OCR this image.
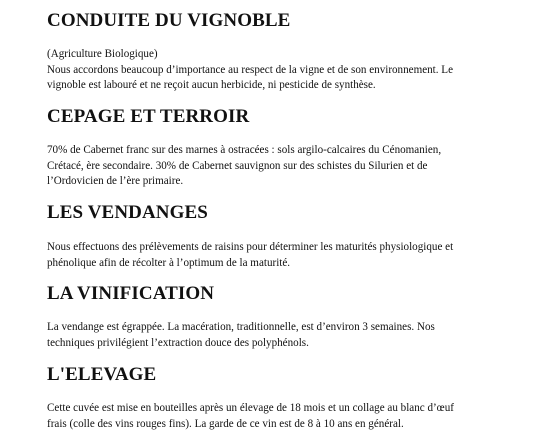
CONDUITE DU VIGNOBLE

(Agriculture Biologique)
Nous accordons beaucoup d’importance au respect de la vigne et de son environnement. Le
vignoble est labouré et ne reçoit aucun herbicide, ni pesticide de synthèse.

CEPAGE ET TERROIR

70% de Cabernet franc sur des marnes à ostracées : sols argilo-calcaires du Cénomanien,
Crétacé, ère secondaire. 30% de Cabernet sauvignon sur des schistes du Silurien et de
l’Ordovicien de l’ère primaire.

LES VENDANGES

Nous effectuons des prélèvements de raisins pour déterminer les maturités physiologique et
phénolique afin de récolter à l’optimum de la maturité.

LA VINIFICATION

La vendange est égrappée. La macération, traditionnelle, est d’environ 3 semaines. Nos
techniques privilégient l’extraction douce des polyphénols.

L'ELEVAGE

Cette cuvée est mise en bouteilles après un élevage de 18 mois et un collage au blanc d’œuf
frais (colle des vins rouges fins). La garde de ce vin est de 8 à 10 ans en général.
